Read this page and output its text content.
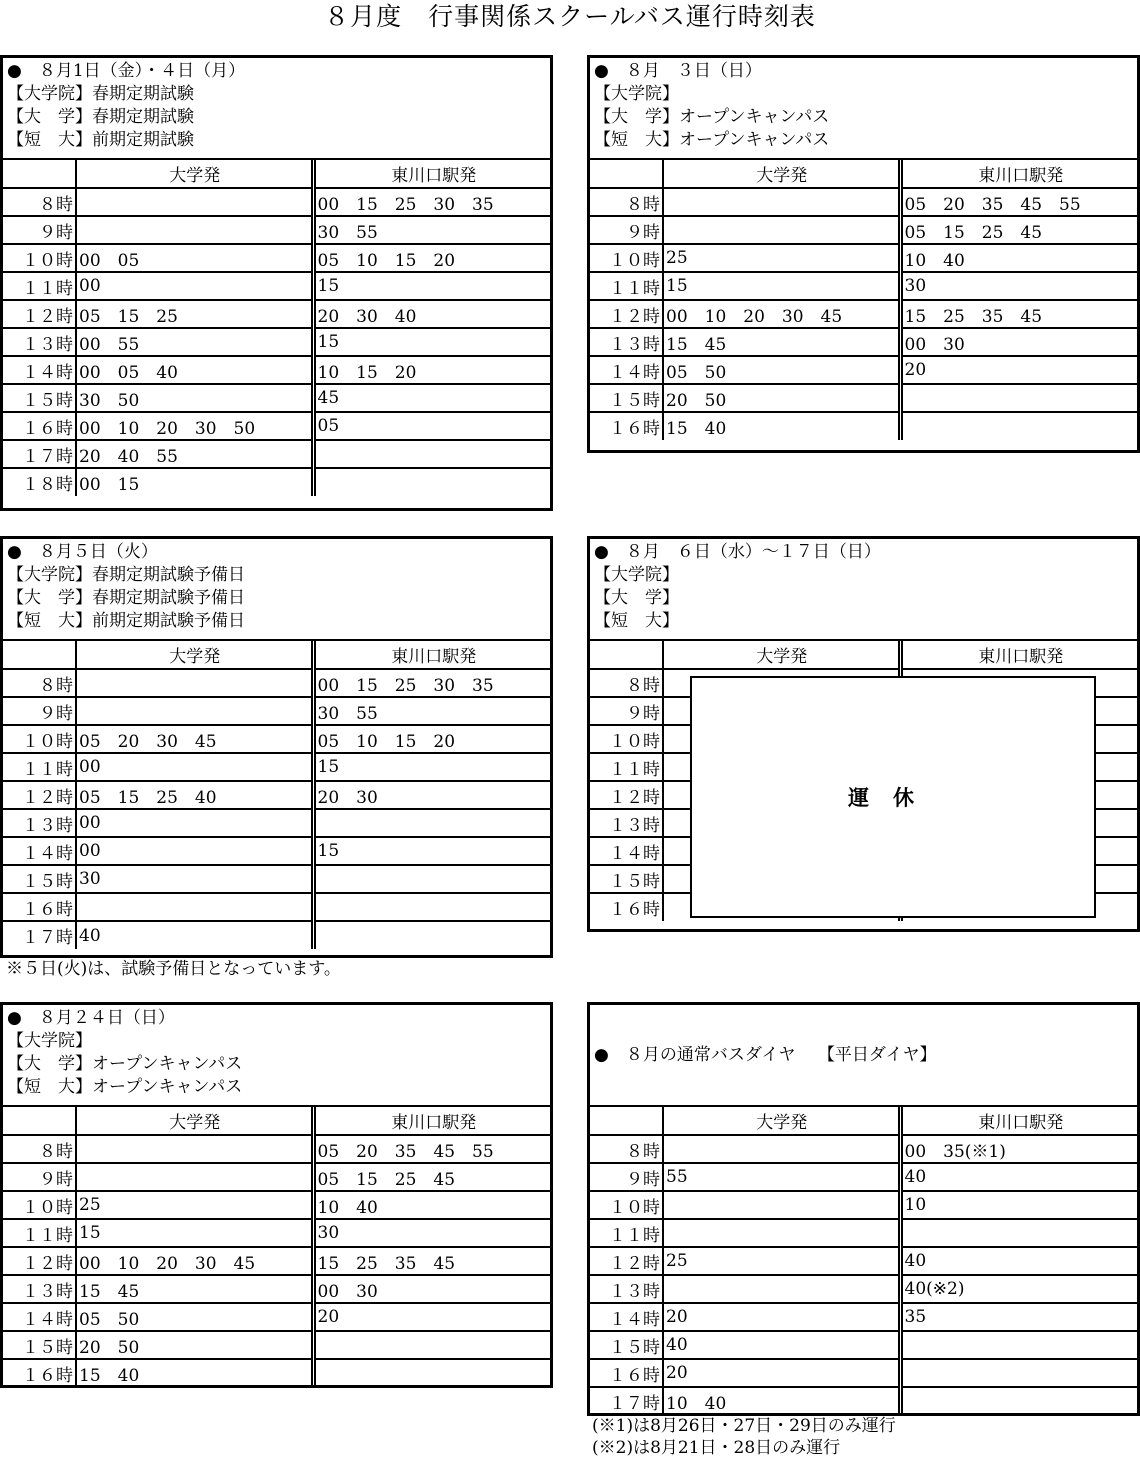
８月度　行事関係スクールバス運行時刻表
●　８月1日（金）・４日（月）
【大学院】春期定期試験
【大　学】春期定期試験
【短　大】前期定期試験
	大学発	東川口駅発
８時		00　15　25　30　35
９時		30　55
１０時	00　05	05　10　15　20
１１時	00	15
１２時	05　15　25	20　30　40
１３時	00　55	15
１４時	00　05　40	10　15　20
１５時	30　50	45
１６時	00　10　20　30　50	05
１７時	20　40　55	
１８時	00　15	
●　８月　３日（日）
【大学院】
【大　学】オープンキャンパス
【短　大】オープンキャンパス
	大学発	東川口駅発
８時		05　20　35　45　55
９時		05　15　25　45
１０時	25	10　40
１１時	15	30
１２時	00　10　20　30　45	15　25　35　45
１３時	15　45	00　30
１４時	05　50	20
１５時	20　50	
１６時	15　40	
●　８月５日（火）
【大学院】春期定期試験予備日
【大　学】春期定期試験予備日
【短　大】前期定期試験予備日
	大学発	東川口駅発
８時		00　15　25　30　35
９時		30　55
１０時	05　20　30　45	05　10　15　20
１１時	00	15
１２時	05　15　25　40	20　30
１３時	00	
１４時	00	15
１５時	30	
１６時		
１７時	40	
●　８月　６日（水）～１７日（日）
【大学院】
【大　学】
【短　大】
	大学発	東川口駅発
８時		
９時		
１０時		
１１時		
１２時		
１３時		
１４時		
１５時		
１６時		
運休
●　８月２４日（日）
【大学院】
【大　学】オープンキャンパス
【短　大】オープンキャンパス
	大学発	東川口駅発
８時		05　20　35　45　55
９時		05　15　25　45
１０時	25	10　40
１１時	15	30
１２時	00　10　20　30　45	15　25　35　45
１３時	15　45	00　30
１４時	05　50	20
１５時	20　50	
１６時	15　40	
●　８月の通常バスダイヤ　 【平日ダイヤ】
	大学発	東川口駅発
８時		00　35(※1)
９時	55	40
１０時		10
１１時		
１２時	25	40
１３時		40(※2)
１４時	20	35
１５時	40	
１６時	20	
１７時	10　40	
※５日(火)は、試験予備日となっています。
(※1)は8月26日・27日・29日のみ運行
(※2)は8月21日・28日のみ運行
